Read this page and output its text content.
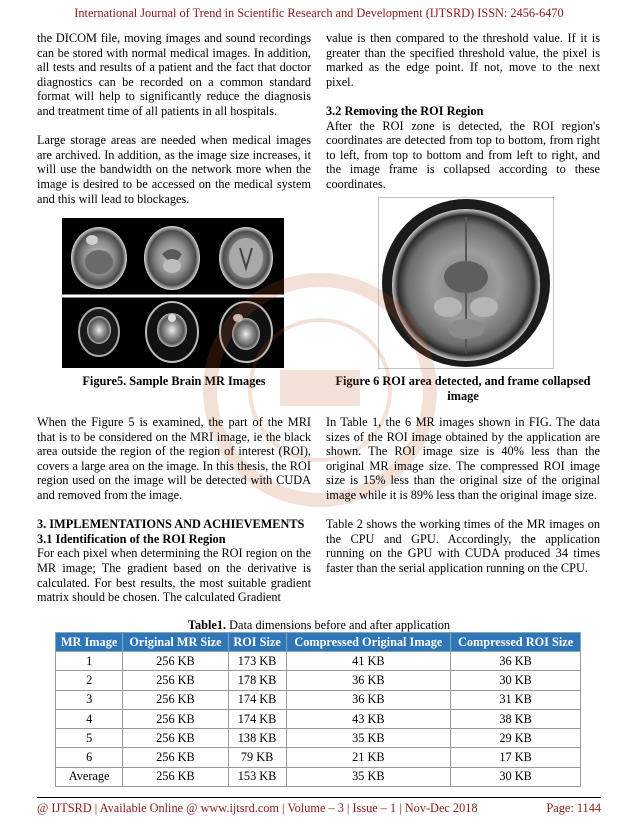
International Journal of Trend in Scientific Research and Development (IJTSRD) ISSN: 2456-6470

the DICOM file, moving images and sound recordings can be stored with normal medical images. In addition, all tests and results of a patient and the fact that doctor diagnostics can be recorded on a common standard format will help to significantly reduce the diagnosis and treatment time of all patients in all hospitals.

Large storage areas are needed when medical images are archived. In addition, as the image size increases, it will use the bandwidth on the network more when the image is desired to be accessed on the medical system and this will lead to blockages.

value is then compared to the threshold value. If it is greater than the specified threshold value, the pixel is marked as the edge point. If not, move to the next pixel.

3.2 Removing the ROI Region

After the ROI zone is detected, the ROI region's coordinates are detected from top to bottom, from right to left, from top to bottom and from left to right, and the image frame is collapsed according to these coordinates.

Figure5. Sample Brain MR Images	Figure 6 ROI area detected, and frame collapsed image

When the Figure 5 is examined, the part of the MRI that is to be considered on the MRI image, ie the black area outside the region of the region of interest (ROI), covers a large area on the image. In this thesis, the ROI region used on the image will be detected with CUDA and removed from the image.

3. IMPLEMENTATIONS AND ACHIEVEMENTS
3.1 Identification of the ROI Region

For each pixel when determining the ROI region on the MR image; The gradient based on the derivative is calculated. For best results, the most suitable gradient matrix should be chosen. The calculated Gradient

In Table 1, the 6 MR images shown in FIG. The data sizes of the ROI image obtained by the application are shown. The ROI image size is 40% less than the original MR image size. The compressed ROI image size is 15% less than the original size of the original image while it is 89% less than the original image size.

Table 2 shows the working times of the MR images on the CPU and GPU. Accordingly, the application running on the GPU with CUDA produced 34 times faster than the serial application running on the CPU.

Table1. Data dimensions before and after application
MR Image	Original MR Size	ROI Size	Compressed Original Image	Compressed ROI Size
1	256 KB	173 KB	41 KB	36 KB
2	256 KB	178 KB	36 KB	30 KB
3	256 KB	174 KB	36 KB	31 KB
4	256 KB	174 KB	43 KB	38 KB
5	256 KB	138 KB	35 KB	29 KB
6	256 KB	79 KB	21 KB	17 KB
Average	256 KB	153 KB	35 KB	30 KB
@ IJTSRD | Available Online @ www.ijtsrd.com | Volume – 3 | Issue – 1 | Nov-Dec 2018	Page: 1144
